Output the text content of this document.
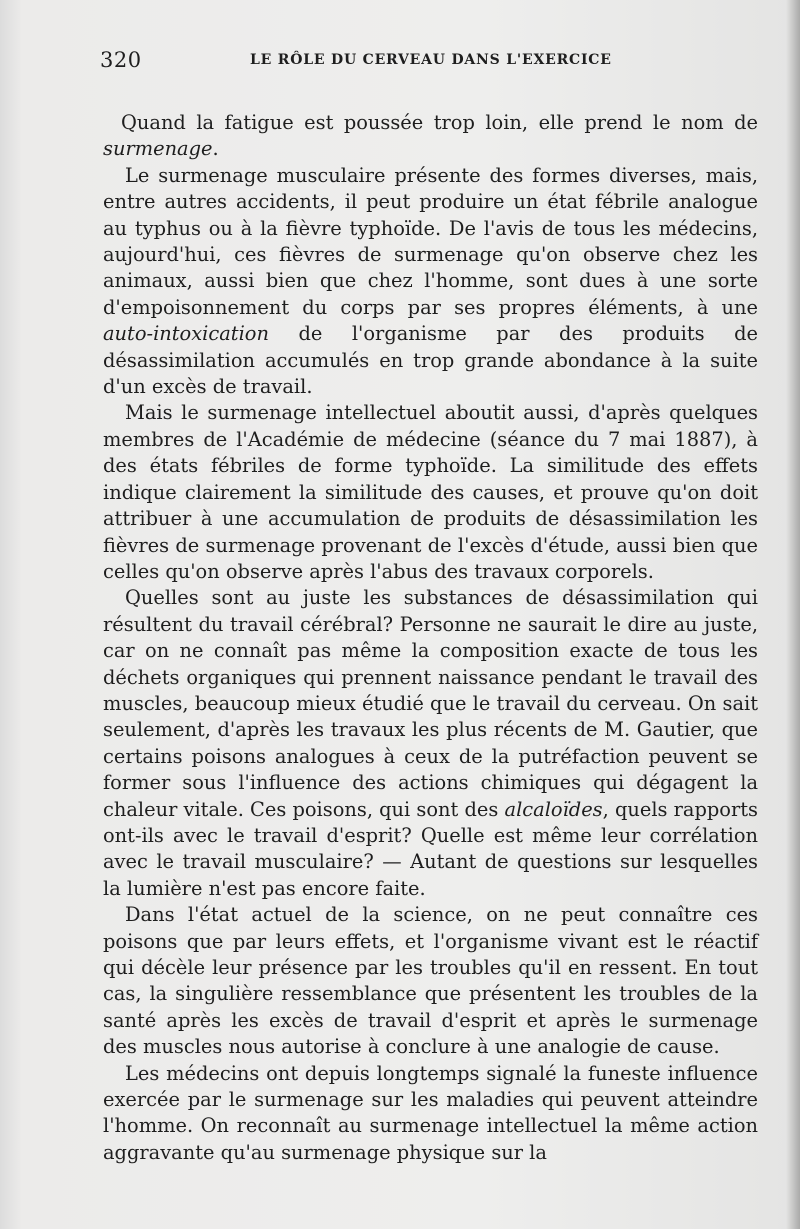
320	LE RÔLE DU CERVEAU DANS L'EXERCICE

Quand la fatigue est poussée trop loin, elle prend le nom de surmenage.

Le surmenage musculaire présente des formes diverses, mais, entre autres accidents, il peut produire un état fébrile analogue au typhus ou à la fièvre typhoïde. De l'avis de tous les médecins, aujourd'hui, ces fièvres de surmenage qu'on observe chez les animaux, aussi bien que chez l'homme, sont dues à une sorte d'empoisonnement du corps par ses propres éléments, à une auto-intoxication de l'organisme par des produits de désassimilation accumulés en trop grande abondance à la suite d'un excès de travail.

Mais le surmenage intellectuel aboutit aussi, d'après quelques membres de l'Académie de médecine (séance du 7 mai 1887), à des états fébriles de forme typhoïde. La similitude des effets indique clairement la similitude des causes, et prouve qu'on doit attribuer à une accumulation de produits de désassimilation les fièvres de surmenage provenant de l'excès d'étude, aussi bien que celles qu'on observe après l'abus des travaux corporels.

Quelles sont au juste les substances de désassimilation qui résultent du travail cérébral? Personne ne saurait le dire au juste, car on ne connaît pas même la composition exacte de tous les déchets organiques qui prennent naissance pendant le travail des muscles, beaucoup mieux étudié que le travail du cerveau. On sait seulement, d'après les travaux les plus récents de M. Gautier, que certains poisons analogues à ceux de la putréfaction peuvent se former sous l'influence des actions chimiques qui dégagent la chaleur vitale. Ces poisons, qui sont des alcaloïdes, quels rapports ont-ils avec le travail d'esprit? Quelle est même leur corrélation avec le travail musculaire? — Autant de questions sur lesquelles la lumière n'est pas encore faite.

Dans l'état actuel de la science, on ne peut connaître ces poisons que par leurs effets, et l'organisme vivant est le réactif qui décèle leur présence par les troubles qu'il en ressent. En tout cas, la singulière ressemblance que présentent les troubles de la santé après les excès de travail d'esprit et après le surmenage des muscles nous autorise à conclure à une analogie de cause.

Les médecins ont depuis longtemps signalé la funeste influence exercée par le surmenage sur les maladies qui peuvent atteindre l'homme. On reconnaît au surmenage intellectuel la même action aggravante qu'au surmenage physique sur la
